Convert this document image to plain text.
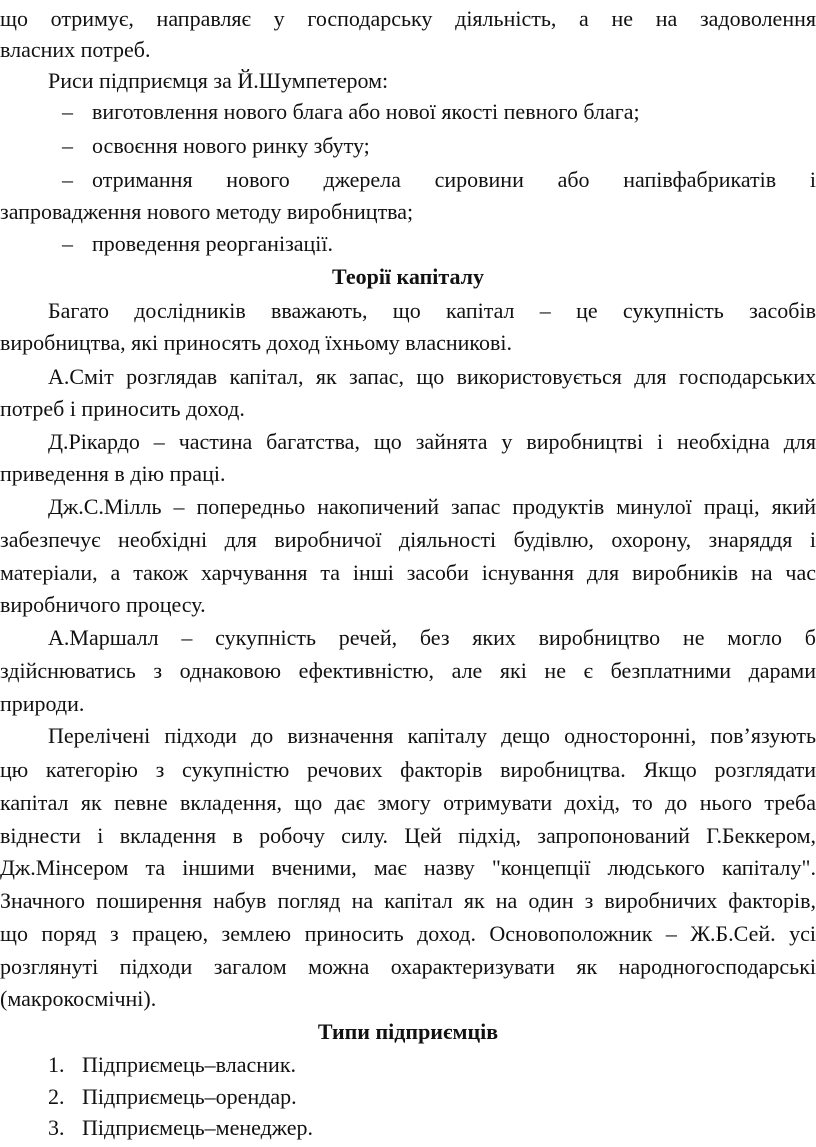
що отримує, направляє у господарську діяльність, а не на задоволення
власних потреб.
Риси підприємця за Й.Шумпетером:
– виготовлення нового блага або нової якості певного блага;
– освоєння нового ринку збуту;
– отримання нового джерела сировини або напівфабрикатів і
запровадження нового методу виробництва;
– проведення реорганізації.
Теорії капіталу
Багато дослідників вважають, що капітал – це сукупність засобів
виробництва, які приносять доход їхньому власникові.
А.Сміт розглядав капітал, як запас, що використовується для господарських
потреб і приносить доход.
Д.Рікардо – частина багатства, що зайнята у виробництві і необхідна для
приведення в дію праці.
Дж.С.Мілль – попередньо накопичений запас продуктів минулої праці, який
забезпечує необхідні для виробничої діяльності будівлю, охорону, знаряддя і
матеріали, а також харчування та інші засоби існування для виробників на час
виробничого процесу.
А.Маршалл – сукупність речей, без яких виробництво не могло б
здійснюватись з однаковою ефективністю, але які не є безплатними дарами
природи.
Перелічені підходи до визначення капіталу дещо односторонні, пов’язують
цю категорію з сукупністю речових факторів виробництва. Якщо розглядати
капітал як певне вкладення, що дає змогу отримувати дохід, то до нього треба
віднести і вкладення в робочу силу. Цей підхід, запропонований Г.Беккером,
Дж.Мінсером та іншими вченими, має назву "концепції людського капіталу".
Значного поширення набув погляд на капітал як на один з виробничих факторів,
що поряд з працею, землею приносить доход. Основоположник – Ж.Б.Сей. усі
розглянуті підходи загалом можна охарактеризувати як народногосподарські
(макрокосмічні).
Типи підприємців
1. Підприємець–власник.
2. Підприємець–орендар.
3. Підприємець–менеджер.
